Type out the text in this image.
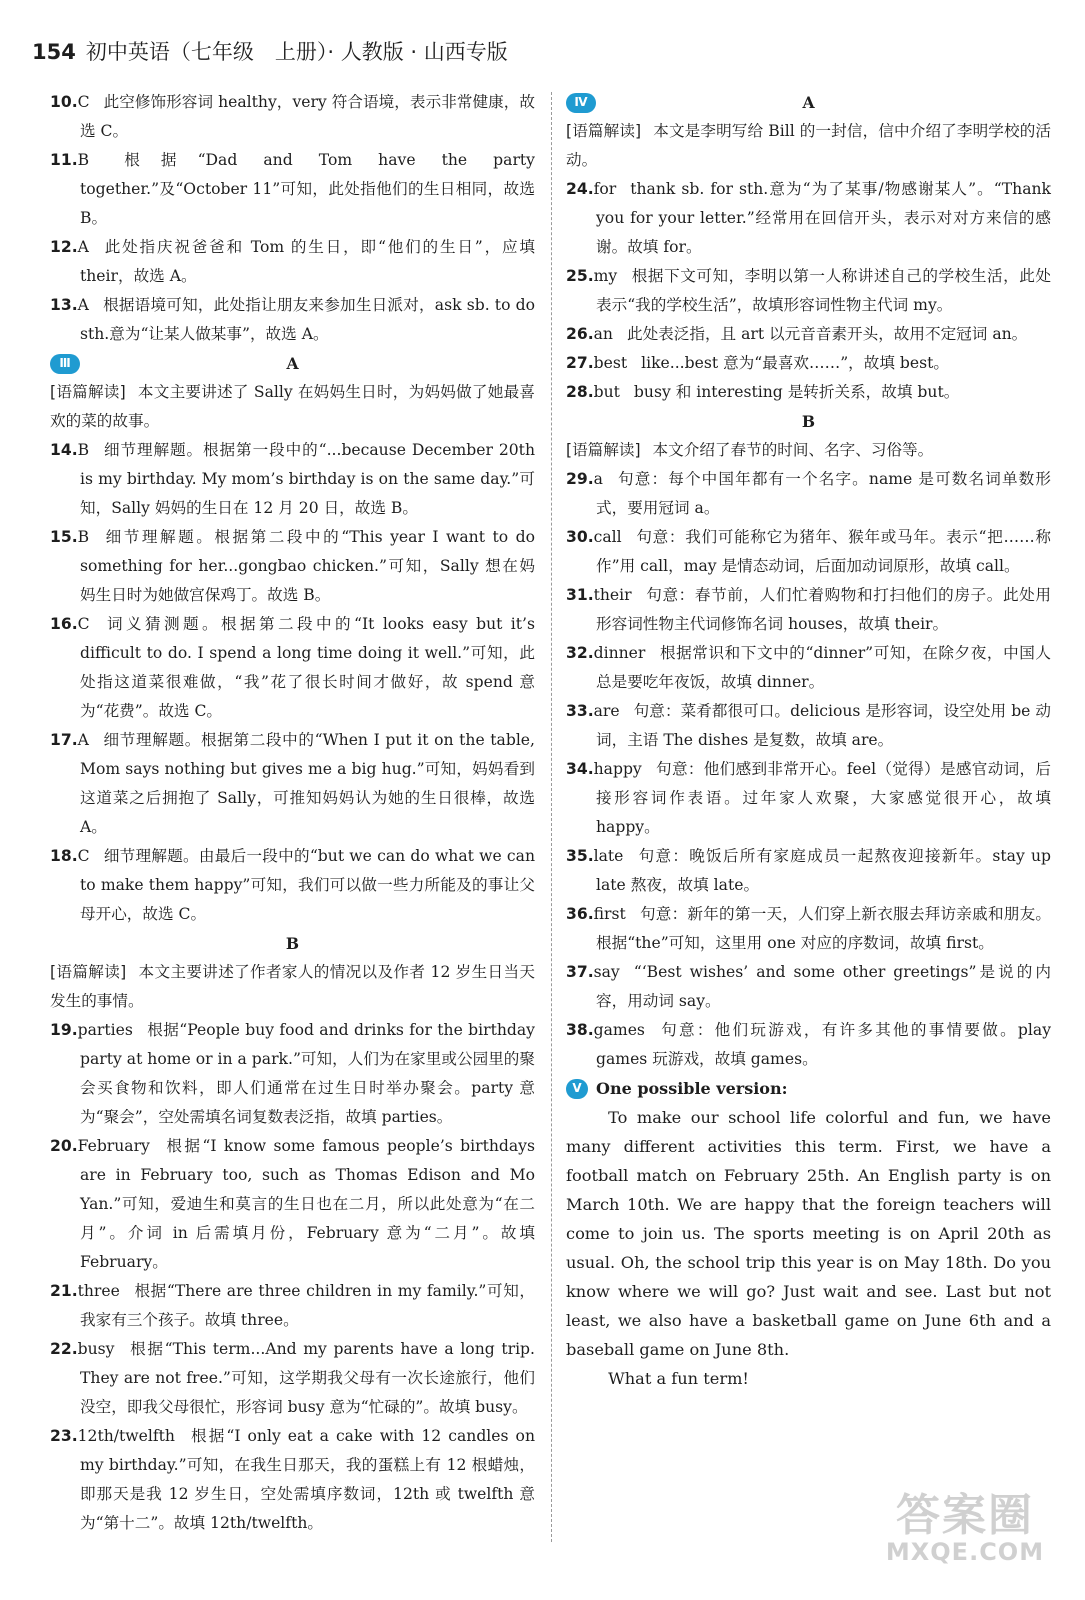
154 初中英语（七年级　上册）· 人教版 · 山西专版

10.C 此空修饰形容词 healthy，very 符合语境，表示非常健康，故选 C。

11.B 根据“Dad and Tom have the party together.”及“October 11”可知，此处指他们的生日相同，故选 B。

12.A 此处指庆祝爸爸和 Tom 的生日，即“他们的生日”，应填 their，故选 A。

13.A 根据语境可知，此处指让朋友来参加生日派对，ask sb. to do sth.意为“让某人做某事”，故选 A。

Ⅲ	A

[语篇解读] 本文主要讲述了 Sally 在妈妈生日时，为妈妈做了她最喜欢的菜的故事。

14.B 细节理解题。根据第一段中的“...because December 20th is my birthday. My mom’s birthday is on the same day.”可知，Sally 妈妈的生日在 12 月 20 日，故选 B。

15.B 细节理解题。根据第二段中的“This year I want to do something for her...gongbao chicken.”可知，Sally 想在妈妈生日时为她做宫保鸡丁。故选 B。

16.C 词义猜测题。根据第二段中的“It looks easy but it’s difficult to do. I spend a long time doing it well.”可知，此处指这道菜很难做，“我”花了很长时间才做好，故 spend 意为“花费”。故选 C。

17.A 细节理解题。根据第二段中的“When I put it on the table, Mom says nothing but gives me a big hug.”可知，妈妈看到这道菜之后拥抱了 Sally，可推知妈妈认为她的生日很棒，故选 A。

18.C 细节理解题。由最后一段中的“but we can do what we can to make them happy”可知，我们可以做一些力所能及的事让父母开心，故选 C。

B

[语篇解读] 本文主要讲述了作者家人的情况以及作者 12 岁生日当天发生的事情。

19.parties 根据“People buy food and drinks for the birthday party at home or in a park.”可知，人们为在家里或公园里的聚会买食物和饮料，即人们通常在过生日时举办聚会。party 意为“聚会”，空处需填名词复数表泛指，故填 parties。

20.February 根据“I know some famous people’s birthdays are in February too, such as Thomas Edison and Mo Yan.”可知，爱迪生和莫言的生日也在二月，所以此处意为“在二月”。介词 in 后需填月份，February 意为“二月”。故填 February。

21.three 根据“There are three children in my family.”可知，我家有三个孩子。故填 three。

22.busy 根据“This term...And my parents have a long trip. They are not free.”可知，这学期我父母有一次长途旅行，他们没空，即我父母很忙，形容词 busy 意为“忙碌的”。故填 busy。

23.12th/twelfth 根据“I only eat a cake with 12 candles on my birthday.”可知，在我生日那天，我的蛋糕上有 12 根蜡烛，即那天是我 12 岁生日，空处需填序数词，12th 或 twelfth 意为“第十二”。故填 12th/twelfth。

Ⅳ	A

[语篇解读] 本文是李明写给 Bill 的一封信，信中介绍了李明学校的活动。

24.for thank sb. for sth.意为“为了某事/物感谢某人”。“Thank you for your letter.”经常用在回信开头，表示对对方来信的感谢。故填 for。

25.my 根据下文可知，李明以第一人称讲述自己的学校生活，此处表示“我的学校生活”，故填形容词性物主代词 my。

26.an 此处表泛指，且 art 以元音音素开头，故用不定冠词 an。

27.best like...best 意为“最喜欢……”，故填 best。

28.but busy 和 interesting 是转折关系，故填 but。

B

[语篇解读] 本文介绍了春节的时间、名字、习俗等。

29.a 句意：每个中国年都有一个名字。name 是可数名词单数形式，要用冠词 a。

30.call 句意：我们可能称它为猪年、猴年或马年。表示“把……称作”用 call，may 是情态动词，后面加动词原形，故填 call。

31.their 句意：春节前，人们忙着购物和打扫他们的房子。此处用形容词性物主代词修饰名词 houses，故填 their。

32.dinner 根据常识和下文中的“dinner”可知，在除夕夜，中国人总是要吃年夜饭，故填 dinner。

33.are 句意：菜肴都很可口。delicious 是形容词，设空处用 be 动词，主语 The dishes 是复数，故填 are。

34.happy 句意：他们感到非常开心。feel（觉得）是感官动词，后接形容词作表语。过年家人欢聚，大家感觉很开心，故填 happy。

35.late 句意：晚饭后所有家庭成员一起熬夜迎接新年。stay up late 熬夜，故填 late。

36.first 句意：新年的第一天，人们穿上新衣服去拜访亲戚和朋友。根据“the”可知，这里用 one 对应的序数词，故填 first。

37.say “‘Best wishes’ and some other greetings”是说的内容，用动词 say。

38.games 句意：他们玩游戏，有许多其他的事情要做。play games 玩游戏，故填 games。

Ⅴ One possible version:

To make our school life colorful and fun, we have many different activities this term. First, we have a football match on February 25th. An English party is on March 10th. We are happy that the foreign teachers will come to join us. The sports meeting is on April 20th as usual. Oh, the school trip this year is on May 18th. Do you know where we will go? Just wait and see. Last but not least, we also have a basketball game on June 6th and a baseball game on June 8th.

What a fun term!

答案圈
MXQE.COM
